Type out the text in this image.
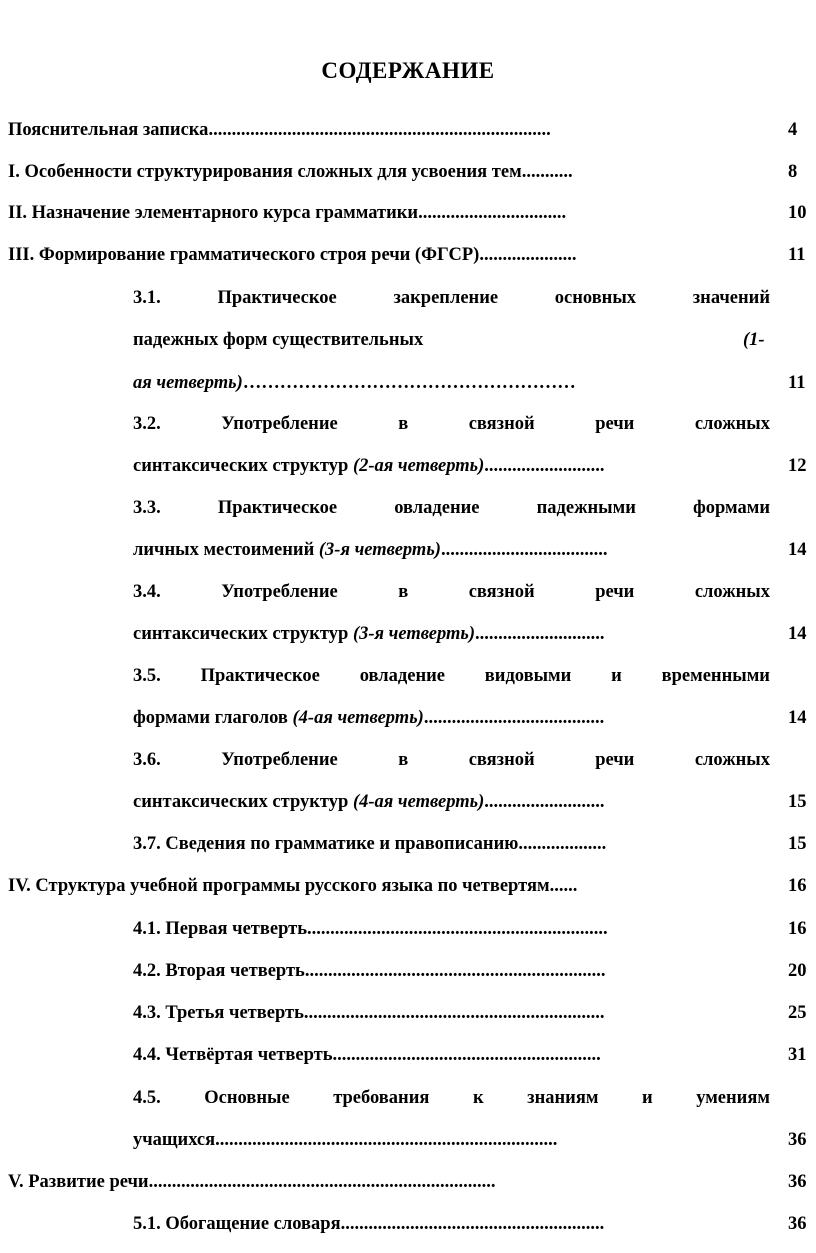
СОДЕРЖАНИЕ
Пояснительная записка..........................................................................	4
I. Особенности структурирования сложных для усвоения тем...........	8
II. Назначение элементарного курса грамматики................................	10
III. Формирование грамматического строя речи (ФГСР).....................	11
3.1.	Практическое	закрепление	основных	значений
падежных форм существительных	(1-
ая четверть)………………………………………………	11
3.2.	Употребление	в	связной	речи	сложных
синтаксических структур (2-ая четверть)..........................	12
3.3.	Практическое	овладение	падежными	формами
личных местоимений (3-я четверть)....................................	14
3.4.	Употребление	в	связной	речи	сложных
синтаксических структур (3-я четверть)............................	14
3.5. Практическое овладение видовыми и временными
формами глаголов (4-ая четверть).......................................	14
3.6.	Употребление	в	связной	речи	сложных
синтаксических структур (4-ая четверть)..........................	15
3.7. Сведения по грамматике и правописанию...................	15
IV. Структура учебной программы русского языка по четвертям......	16
4.1. Первая четверть.................................................................	16
4.2. Вторая четверть.................................................................	20
4.3. Третья четверть.................................................................	25
4.4. Четвёртая четверть..........................................................	31
4.5. Основные требования к знаниям и умениям
учащихся..........................................................................	36
V. Развитие речи...........................................................................	36
5.1. Обогащение словаря.........................................................	36
